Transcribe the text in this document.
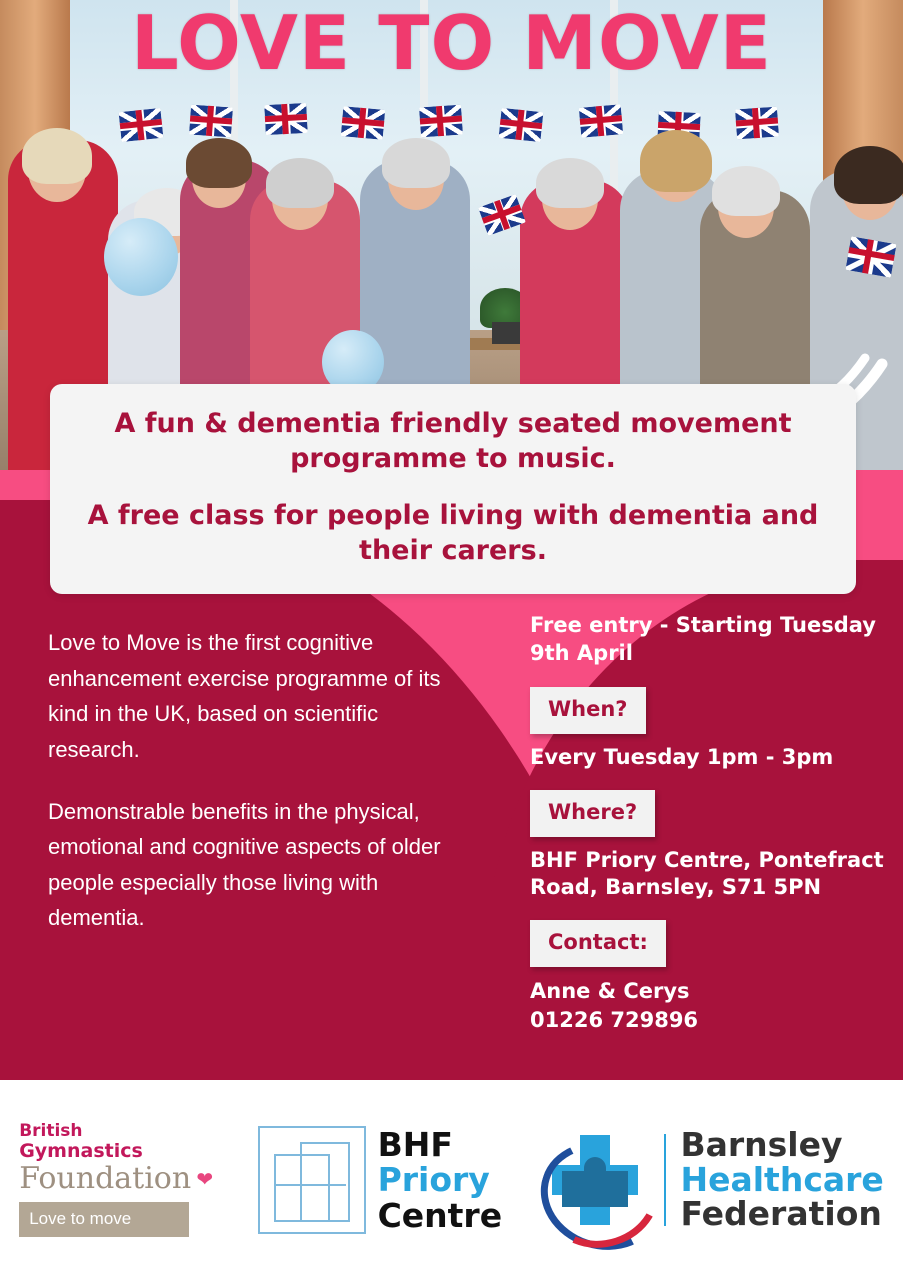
LOVE TO MOVE

A fun & dementia friendly seated movement programme to music.

A free class for people living with dementia and their carers.

Love to Move is the first cognitive enhancement exercise programme of its kind in the UK, based on scientific research.

Demonstrable benefits in the physical, emotional and cognitive aspects of older people especially those living with dementia.

Free entry - Starting Tuesday 9th April

When?

Every Tuesday 1pm - 3pm

Where?

BHF Priory Centre, Pontefract Road, Barnsley, S71 5PN

Contact:

Anne & Cerys

01226 729896

British
Gymnastics
Foundation ❤
Love to move
BHF
Priory
Centre
Barnsley
Healthcare
Federation
